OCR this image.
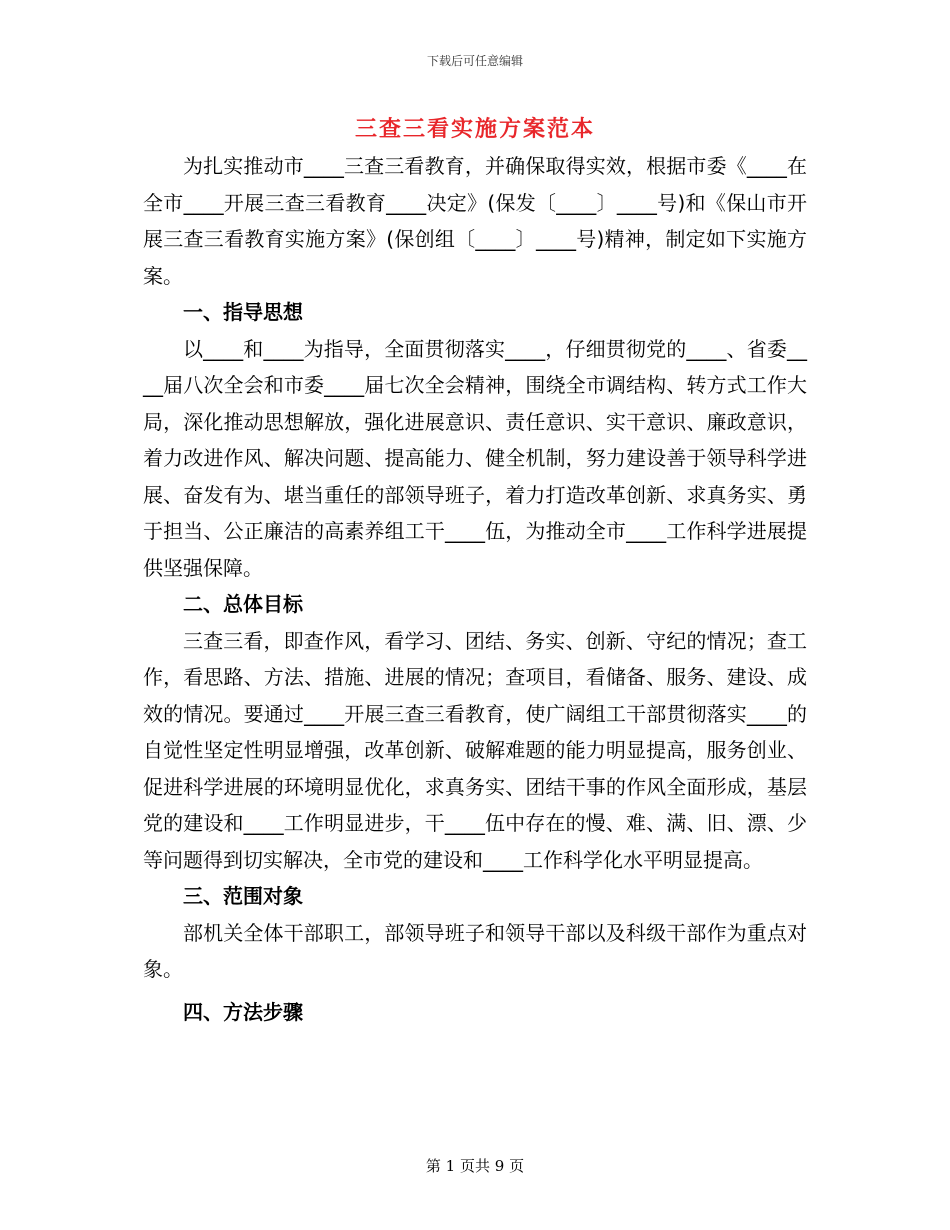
下载后可任意编辑
三查三看实施方案范本

为扎实推动市____三查三看教育，并确保取得实效，根据市委《____在全市____开展三查三看教育____决定》(保发〔____〕____号)和《保山市开展三查三看教育实施方案》(保创组〔____〕____号)精神，制定如下实施方案。

一、指导思想

以____和____为指导，全面贯彻落实____，仔细贯彻党的____、省委____届八次全会和市委____届七次全会精神，围绕全市调结构、转方式工作大局，深化推动思想解放，强化进展意识、责任意识、实干意识、廉政意识，着力改进作风、解决问题、提高能力、健全机制，努力建设善于领导科学进展、奋发有为、堪当重任的部领导班子，着力打造改革创新、求真务实、勇于担当、公正廉洁的高素养组工干____伍，为推动全市____工作科学进展提供坚强保障。

二、总体目标

三查三看，即查作风，看学习、团结、务实、创新、守纪的情况；查工作，看思路、方法、措施、进展的情况；查项目，看储备、服务、建设、成效的情况。要通过____开展三查三看教育，使广阔组工干部贯彻落实____的自觉性坚定性明显增强，改革创新、破解难题的能力明显提高，服务创业、促进科学进展的环境明显优化，求真务实、团结干事的作风全面形成，基层党的建设和____工作明显进步，干____伍中存在的慢、难、满、旧、漂、少等问题得到切实解决，全市党的建设和____工作科学化水平明显提高。

三、范围对象

部机关全体干部职工，部领导班子和领导干部以及科级干部作为重点对象。

四、方法步骤
第 1 页共 9 页
